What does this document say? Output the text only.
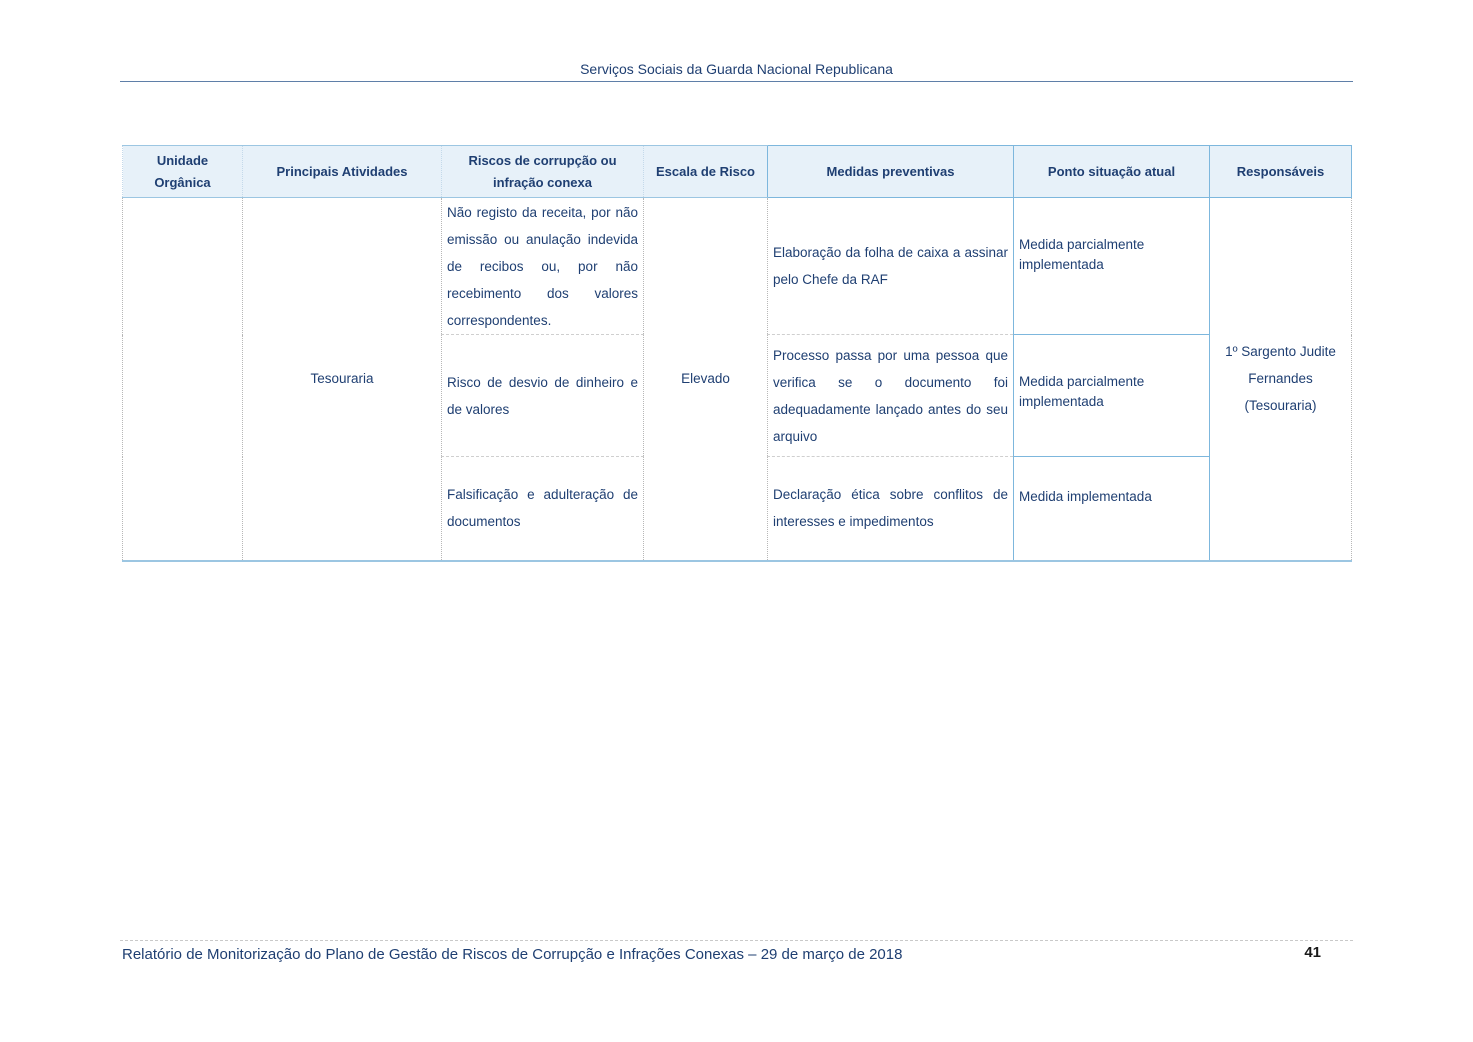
Serviços Sociais da Guarda Nacional Republicana
Unidade Orgânica	Principais Atividades	Riscos de corrupção ou infração conexa	Escala de Risco	Medidas preventivas	Ponto situação atual	Responsáveis
	Tesouraria	Não registo da receita, por não emissão ou anulação indevida de recibos ou, por não recebimento dos valores correspondentes.	Elevado	Elaboração da folha de caixa a assinar pelo Chefe da RAF	Medida parcialmente implementada	1º Sargento Judite Fernandes (Tesouraria)
		Risco de desvio de dinheiro e de valores		Processo passa por uma pessoa que verifica se o documento foi adequadamente lançado antes do seu arquivo	Medida parcialmente implementada	
		Falsificação e adulteração de documentos		Declaração ética sobre conflitos de interesses e impedimentos	Medida implementada	
Relatório de Monitorização do Plano de Gestão de Riscos de Corrupção e Infrações Conexas – 29 de março de 2018	41
